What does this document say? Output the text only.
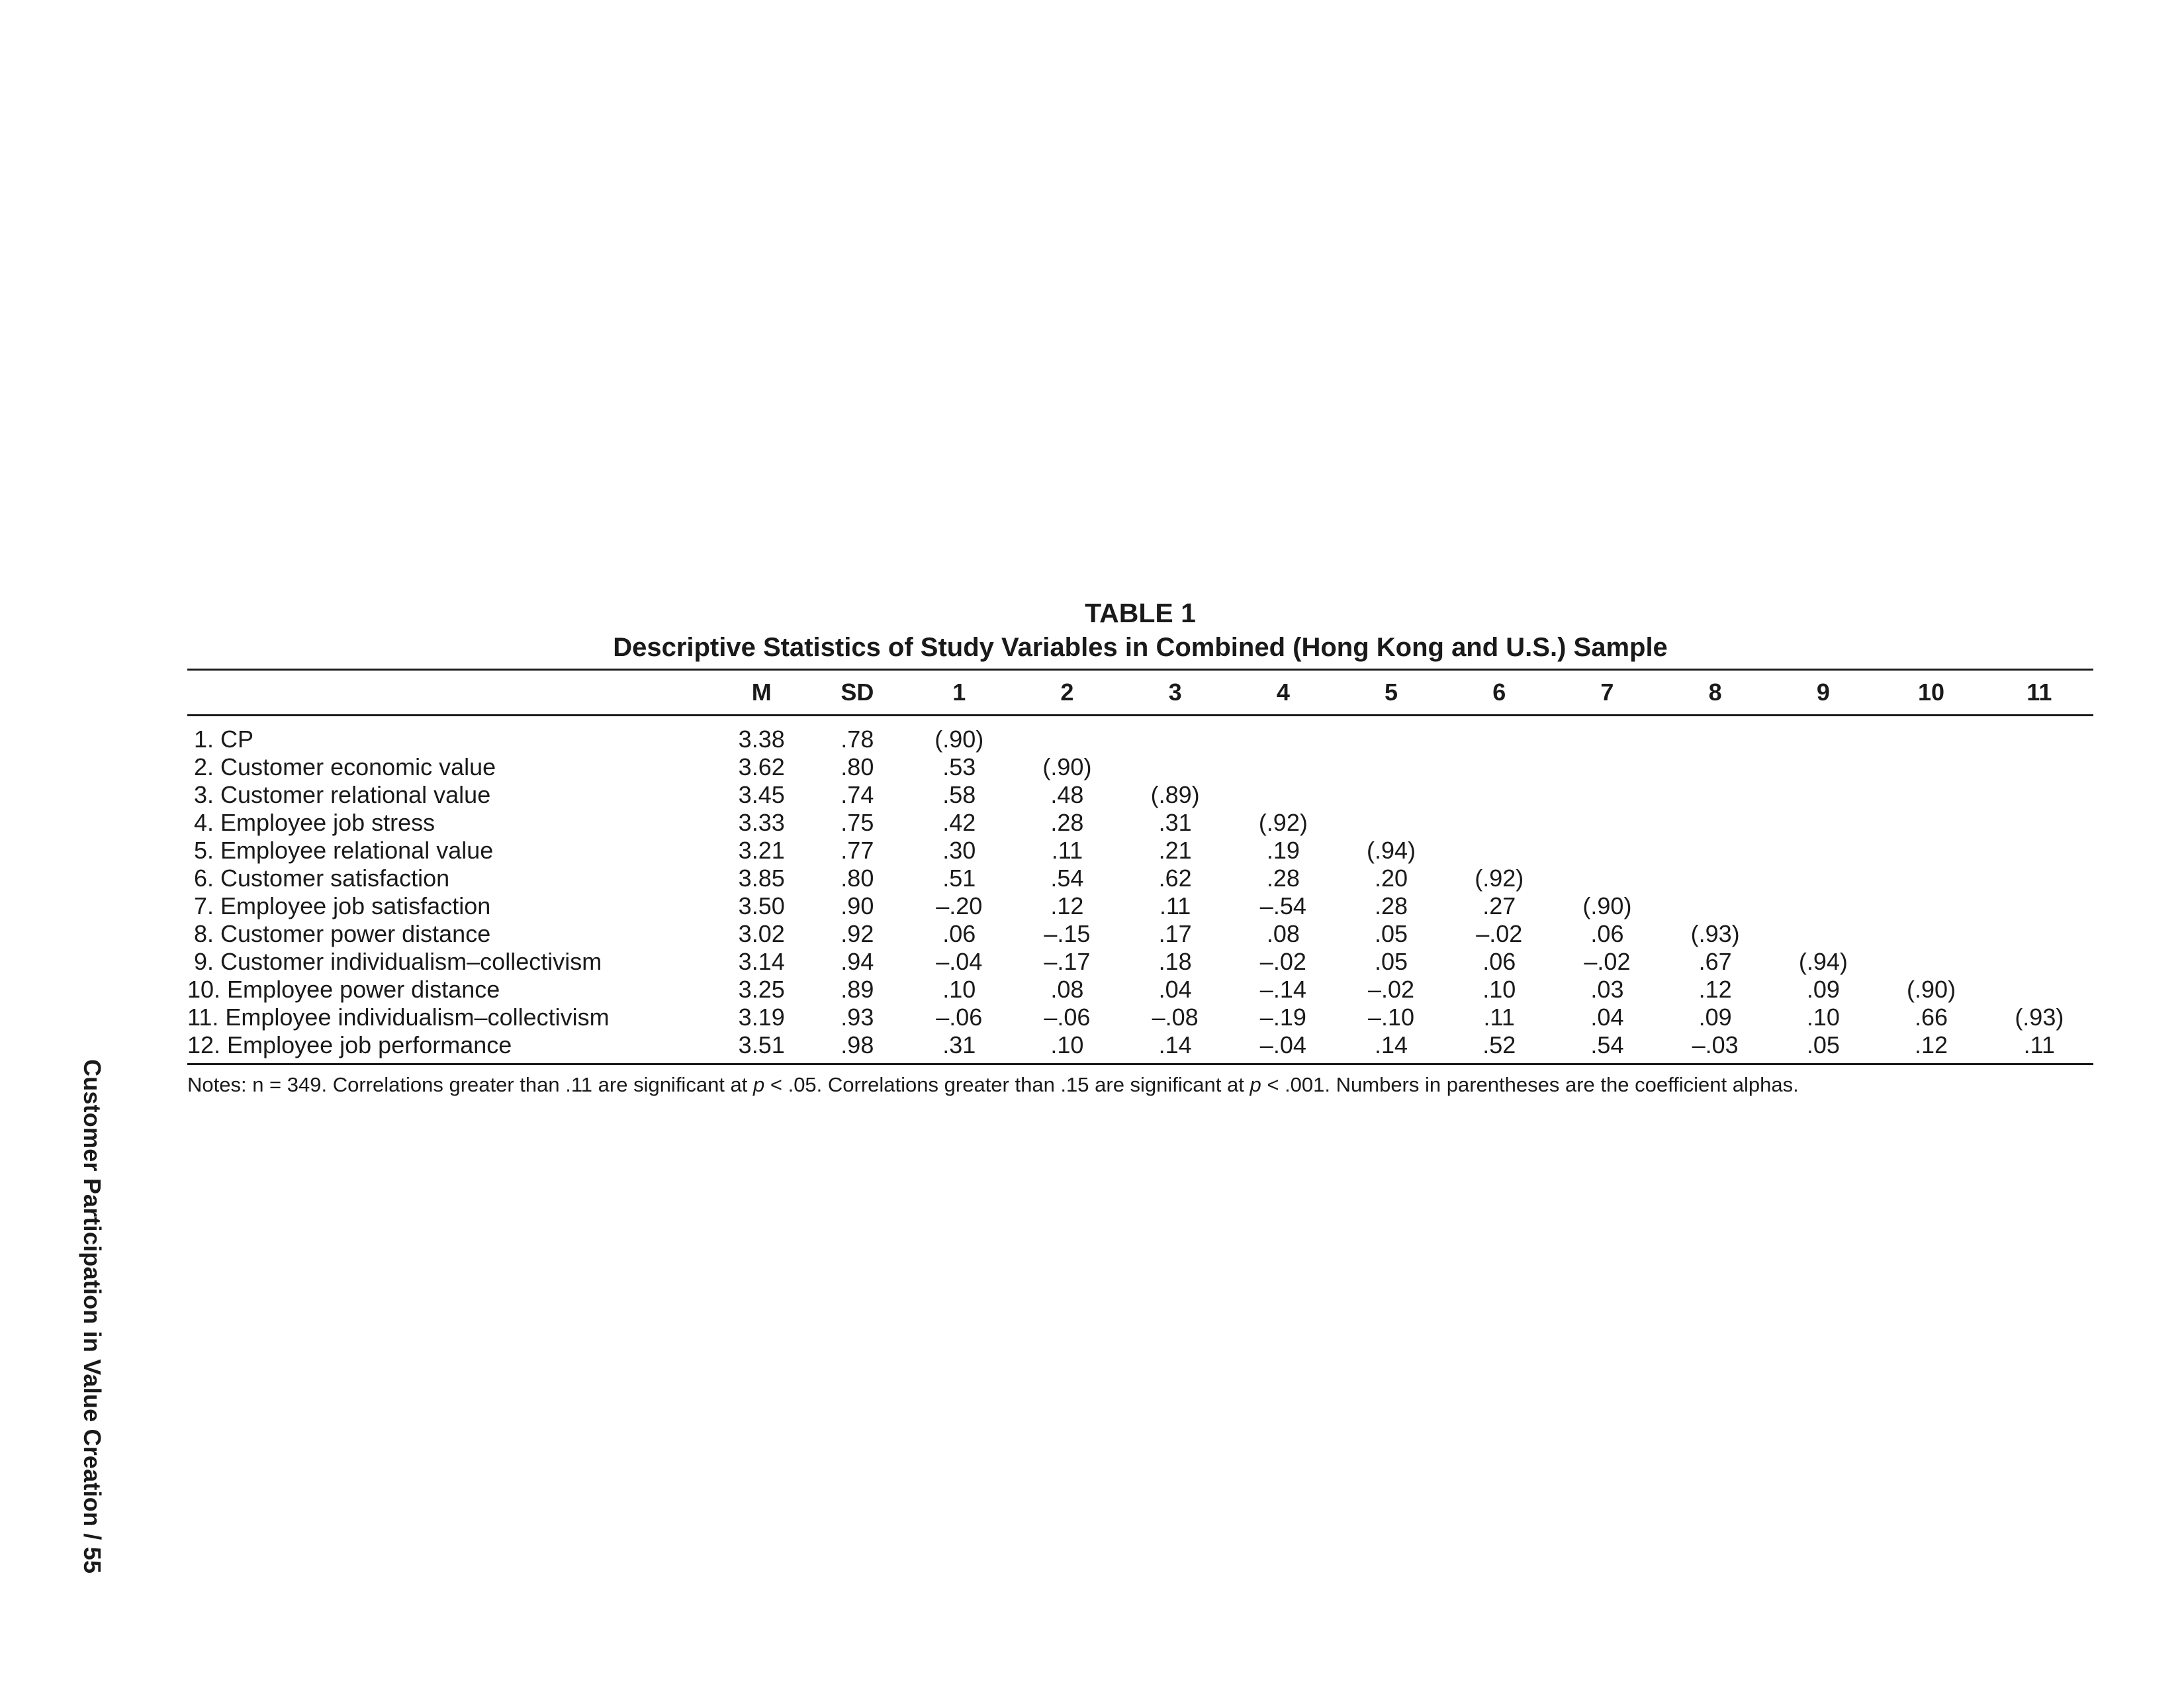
Customer Participation in Value Creation / 55

TABLE 1

Descriptive Statistics of Study Variables in Combined (Hong Kong and U.S.) Sample

	M	SD	1	2	3	4	5	6	7	8	9	10	11
1. CP	3.38	.78	(.90)										
2. Customer economic value	3.62	.80	.53	(.90)									
3. Customer relational value	3.45	.74	.58	.48	(.89)								
4. Employee job stress	3.33	.75	.42	.28	.31	(.92)							
5. Employee relational value	3.21	.77	.30	.11	.21	.19	(.94)						
6. Customer satisfaction	3.85	.80	.51	.54	.62	.28	.20	(.92)					
7. Employee job satisfaction	3.50	.90	–.20	.12	.11	–.54	.28	.27	(.90)				
8. Customer power distance	3.02	.92	.06	–.15	.17	.08	.05	–.02	.06	(.93)			
9. Customer individualism–collectivism	3.14	.94	–.04	–.17	.18	–.02	.05	.06	–.02	.67	(.94)		
10. Employee power distance	3.25	.89	.10	.08	.04	–.14	–.02	.10	.03	.12	.09	(.90)	
11. Employee individualism–collectivism	3.19	.93	–.06	–.06	–.08	–.19	–.10	.11	.04	.09	.10	.66	(.93)
12. Employee job performance	3.51	.98	.31	.10	.14	–.04	.14	.52	.54	–.03	.05	.12	.11
Notes: n = 349. Correlations greater than .11 are significant at p < .05. Correlations greater than .15 are significant at p < .001. Numbers in parentheses are the coefficient alphas.
